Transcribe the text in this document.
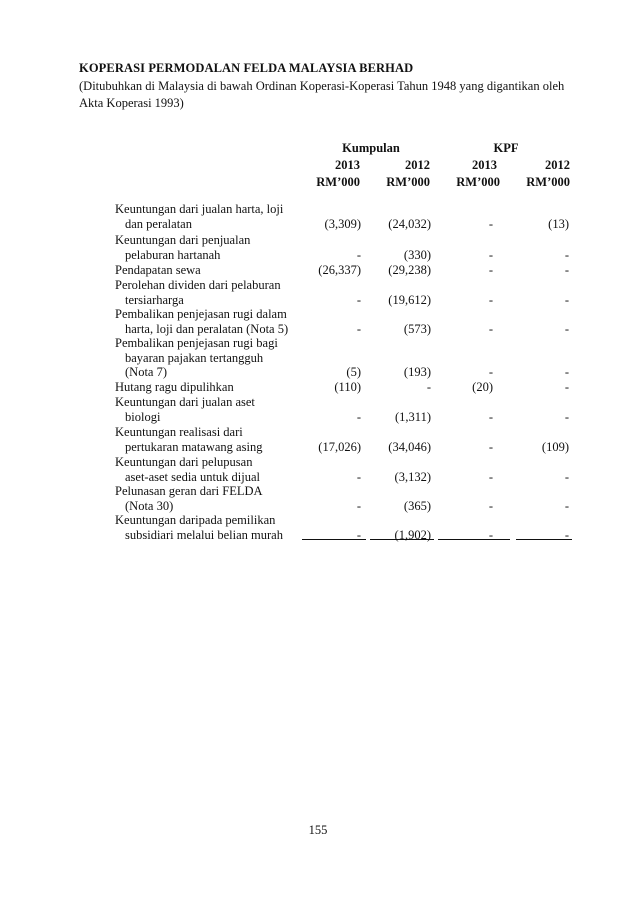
KOPERASI PERMODALAN FELDA MALAYSIA BERHAD
(Ditubuhkan di Malaysia di bawah Ordinan Koperasi-Koperasi Tahun 1948 yang digantikan oleh Akta Koperasi 1993)
Kumpulan	KPF
2013	2012	2013	2012
RM’000	RM’000	RM’000	RM’000
Keuntungan dari jualan harta, loji
dan peralatan	(3,309)	(24,032)	-	(13)
Keuntungan dari penjualan
pelaburan hartanah	-	(330)	-	-
Pendapatan sewa	(26,337)	(29,238)	-	-
Perolehan dividen dari pelaburan
tersiarharga	-	(19,612)	-	-
Pembalikan penjejasan rugi dalam
harta, loji dan peralatan (Nota 5)	-	(573)	-	-
Pembalikan penjejasan rugi bagi
bayaran pajakan tertangguh
(Nota 7)	(5)	(193)	-	-
Hutang ragu dipulihkan	(110)	-	(20)	-
Keuntungan dari jualan aset
biologi	-	(1,311)	-	-
Keuntungan realisasi dari
pertukaran matawang asing	(17,026)	(34,046)	-	(109)
Keuntungan dari pelupusan
aset-aset sedia untuk dijual	-	(3,132)	-	-
Pelunasan geran dari FELDA
(Nota 30)	-	(365)	-	-
Keuntungan daripada pemilikan
subsidiari melalui belian murah	-	(1,902)	-	-
155
